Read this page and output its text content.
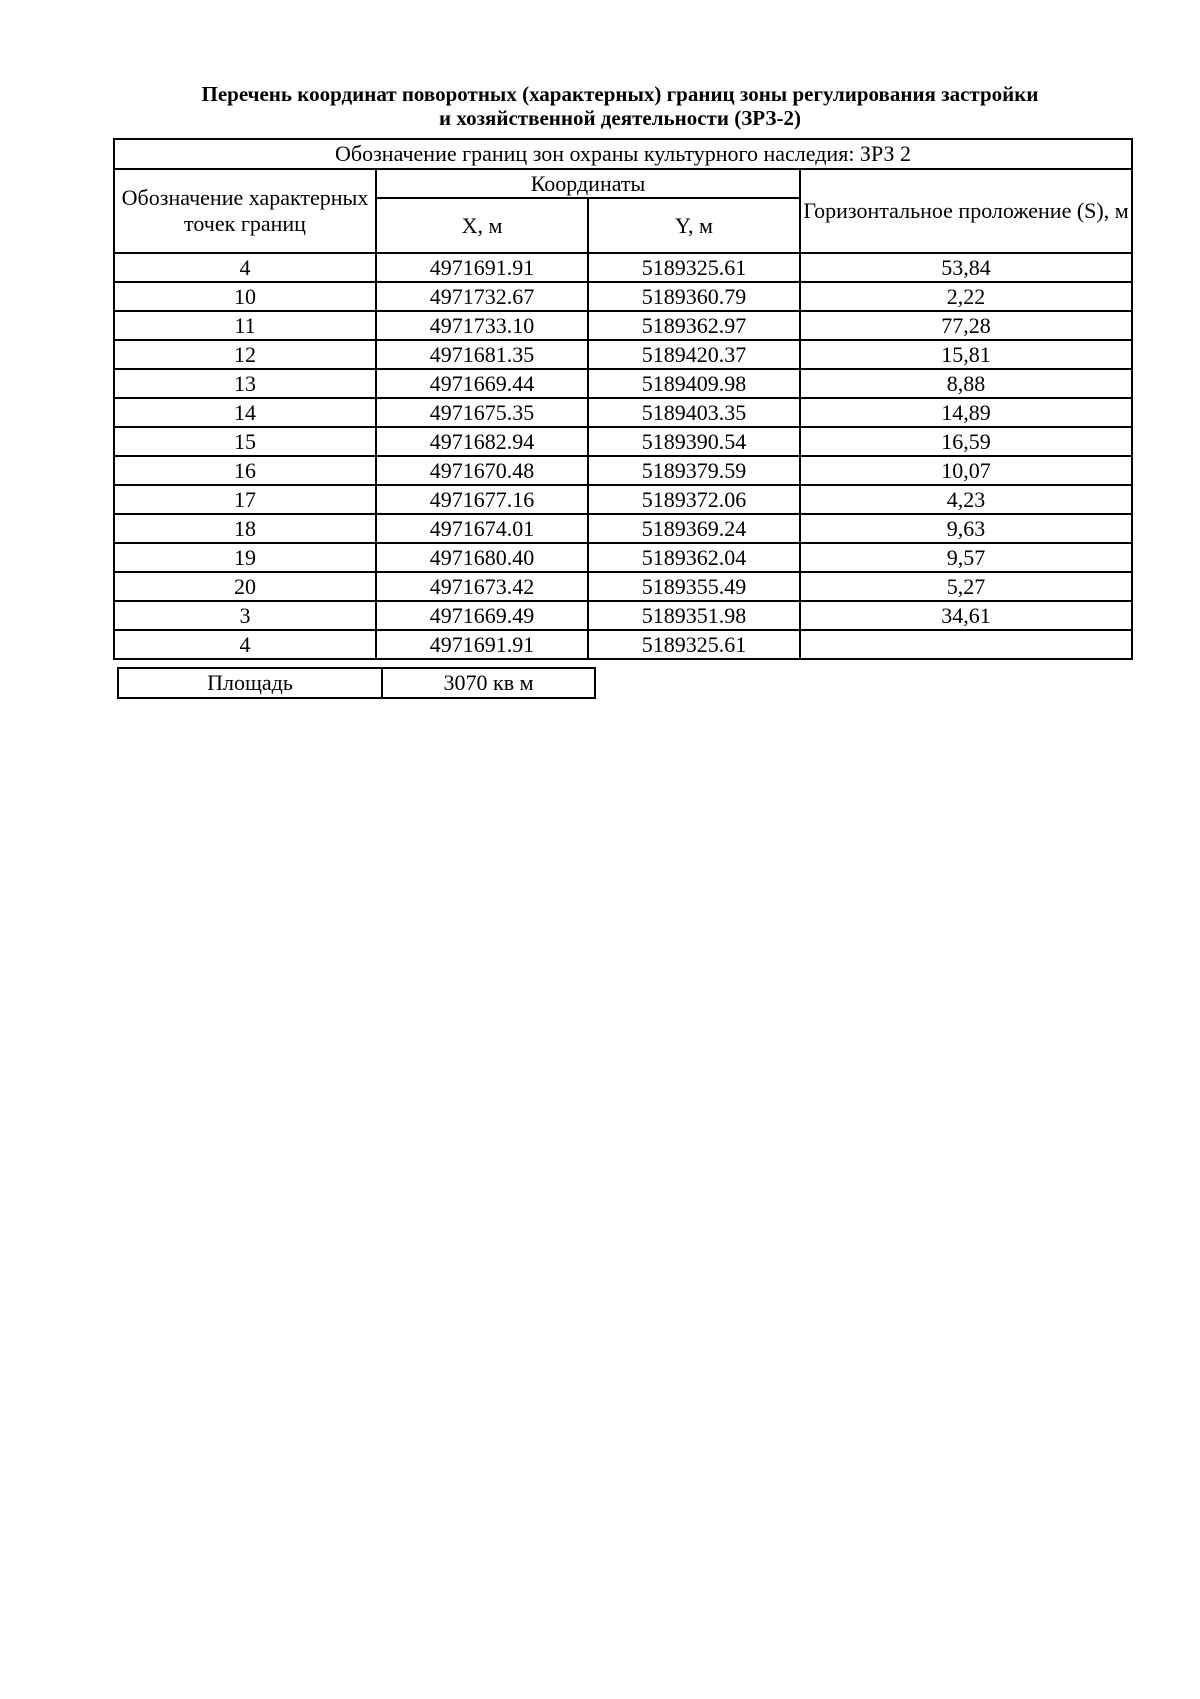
Перечень координат поворотных (характерных) границ зоны регулирования застройки
и хозяйственной деятельности (ЗРЗ-2)
Обозначение границ зон охраны культурного наследия: ЗРЗ 2			
Обозначение характерных точек границ	Координаты		Горизонтальное проложение (S), м
	X, м	Y, м	
4	4971691.91	5189325.61	53,84
10	4971732.67	5189360.79	2,22
11	4971733.10	5189362.97	77,28
12	4971681.35	5189420.37	15,81
13	4971669.44	5189409.98	8,88
14	4971675.35	5189403.35	14,89
15	4971682.94	5189390.54	16,59
16	4971670.48	5189379.59	10,07
17	4971677.16	5189372.06	4,23
18	4971674.01	5189369.24	9,63
19	4971680.40	5189362.04	9,57
20	4971673.42	5189355.49	5,27
3	4971669.49	5189351.98	34,61
4	4971691.91	5189325.61	
Площадь	3070 кв м
